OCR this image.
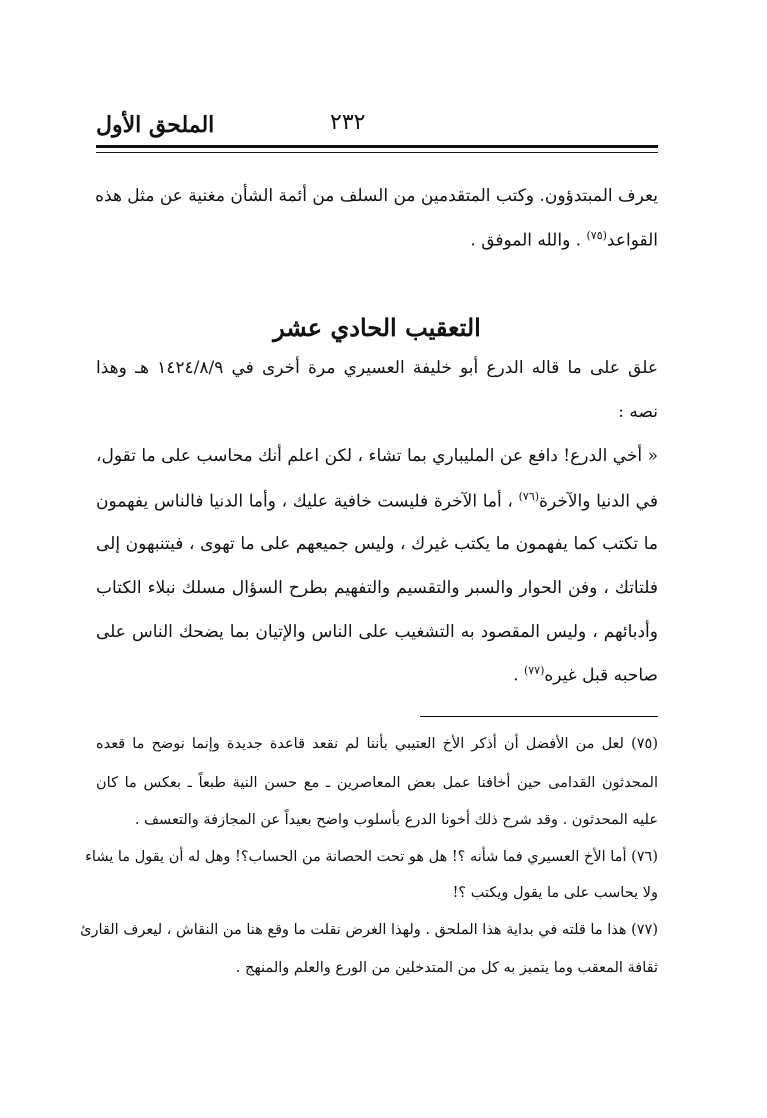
الملحق الأول	٢٣٢
يعرف المبتدؤون. وكتب المتقدمين من السلف من أئمة الشأن مغنية عن مثل هذه
القواعد$^{(٧٥)}$ . والله الموفق .
التعقيب الحادي عشر
علق على ما قاله الدرع أبو خليفة العسيري مرة أخرى في ١٤٢٤/٨/٩ هـ وهذا
نصه :
« أخي الدرع! دافع عن المليباري بما تشاء ، لكن اعلم أنك محاسب على ما تقول،
في الدنيا والآخرة$^{(٧٦)}$ ، أما الآخرة فليست خافية عليك ، وأما الدنيا فالناس يفهمون
ما تكتب كما يفهمون ما يكتب غيرك ، وليس جميعهم على ما تهوى ، فيتنبهون إلى
فلتاتك ، وفن الحوار والسبر والتقسيم والتفهيم بطرح السؤال مسلك نبلاء الكتاب
وأدبائهم ، وليس المقصود به التشغيب على الناس والإتيان بما يضحك الناس على
صاحبه قبل غيره$^{(٧٧)}$ .
(٧٥) لعل من الأفضل أن أذكر الأخ العتيبي بأننا لم نقعد قاعدة جديدة وإنما نوضح ما قعده
المحدثون القدامى حين أخافنا عمل بعض المعاصرين ـ مع حسن النية طبعاً ـ بعكس ما كان
عليه المحدثون . وقد شرح ذلك أخونا الدرع بأسلوب واضح بعيداً عن المجازفة والتعسف .
(٧٦) أما الأخ العسيري فما شأنه ؟! هل هو تحت الحصانة من الحساب؟! وهل له أن يقول ما يشاء
ولا يحاسب على ما يقول ويكتب ؟!
(٧٧) هذا ما قلته في بداية هذا الملحق . ولهذا الغرض نقلت ما وقع هنا من النقاش ، ليعرف القارئ
ثقافة المعقب وما يتميز به كل من المتدخلين من الورع والعلم والمنهج .
